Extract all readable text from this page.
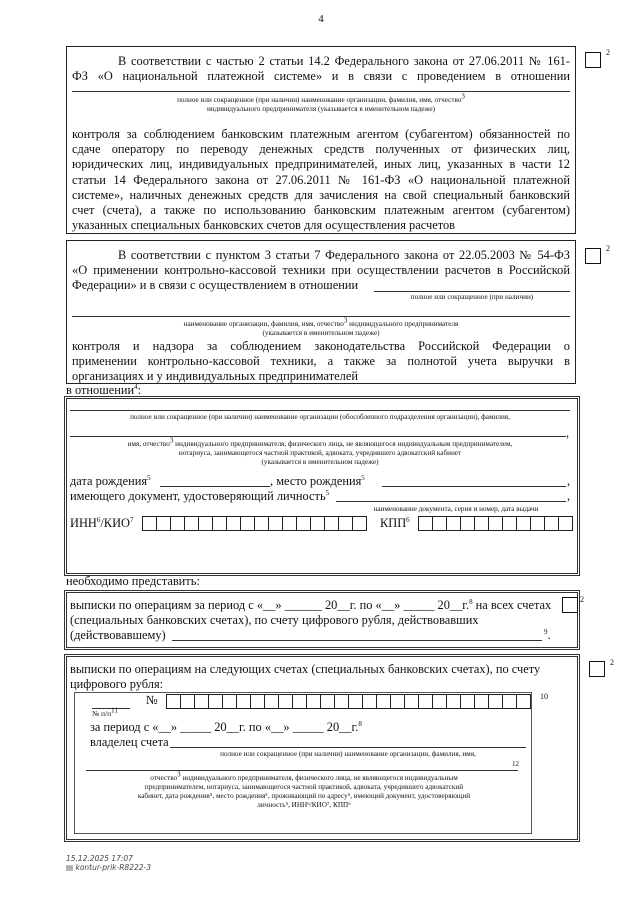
4
В соответствии с частью 2 статьи 14.2 Федерального закона от 27.06.2011 № 161-
ФЗ «О национальной платежной системе» и в связи с проведением в отношении
полное или сокращенное (при наличии) наименование организации, фамилия, имя, отчество3
индивидуального предпринимателя (указывается в именительном падеже)
контроля за соблюдением банковским платежным агентом (субагентом) обязанностей по
сдаче оператору по переводу денежных средств полученных от физических лиц,
юридических лиц, индивидуальных предпринимателей, иных лиц, указанных в части 12
статьи 14 Федерального закона от 27.06.2011 № 161-ФЗ «О национальной платежной
системе», наличных денежных средств для зачисления на свой специальный банковский
счет (счета), а также по использованию банковским платежным агентом (субагентом)
указанных специальных банковских счетов для осуществления расчетов
2
В соответствии с пунктом 3 статьи 7 Федерального закона от 22.05.2003 № 54-ФЗ
«О применении контрольно-кассовой техники при осуществлении расчетов в Российской
Федерации» и в связи с осуществлением в отношении
полное или сокращенное (при наличии)
наименование организации, фамилия, имя, отчество3 индивидуального предпринимателя
(указывается в именительном падеже)
контроля и надзора за соблюдением законодательства Российской Федерации о
применении контрольно-кассовой техники, а также за полнотой учета выручки в
организациях и у индивидуальных предпринимателей
2
в отношении$^4$:
полное или сокращенное (при наличии) наименование организации (обособленного подразделения организации), фамилия,
,
имя, отчество3 индивидуального предпринимателя, физического лица, не являющегося индивидуальным предпринимателем,
нотариуса, занимающегося частной практикой, адвоката, учредившего адвокатский кабинет
(указывается в именительном падеже)
дата рождения$^5$	, место рождения$^5$	,
имеющего документ, удостоверяющий личность$^5$	,
наименование документа, серия и номер, дата выдачи
ИНН$^6$/КИО$^7$	КПП$^6$
необходимо представить:
выписки по операциям за период с «__» ______ 20__г. по «__» _____ 20__г.$^8$ на всех счетах
(специальных банковских счетах), по счету цифрового рубля, действовавших
(действовавшему)	$^9$.
2
выписки по операциям на следующих счетах (специальных банковских счетах), по счету
цифрового рубля:
2
№	10
№ п/п11
за период с «__» _____ 20__г. по «__» _____ 20__г.$^8$
владелец счета
полное или сокращенное (при наличии) наименование организации, фамилия, имя,
12
отчество3 индивидуального предпринимателя, физического лица, не являющегося индивидуальным
предпринимателем, нотариуса, занимающегося частной практикой, адвоката, учредившего адвокатский
кабинет, дата рождения⁵, место рождения⁵, проживающий по адресу⁵, имеющий документ, удостоверяющий
личность⁵, ИНН⁶/КИО⁷, КПП⁶
15.12.2025 17:07
▤ kontur-prik-R8222-3
